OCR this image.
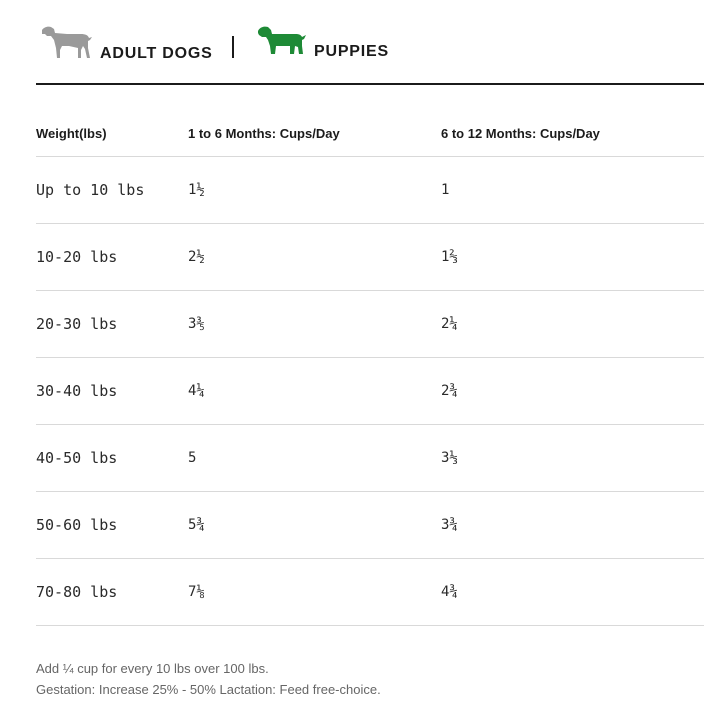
ADULT DOGS	PUPPIES
Weight(lbs)	1 to 6 Months: Cups/Day	6 to 12 Months: Cups/Day
Up to 10 lbs	1½	1
10-20 lbs	2½	1⅔
20-30 lbs	3⅗	2¼
30-40 lbs	4¼	2¾
40-50 lbs	5	3⅓
50-60 lbs	5¾	3¾
70-80 lbs	7⅛	4¾
Add ¼ cup for every 10 lbs over 100 lbs.
Gestation: Increase 25% - 50% Lactation: Feed free-choice.
